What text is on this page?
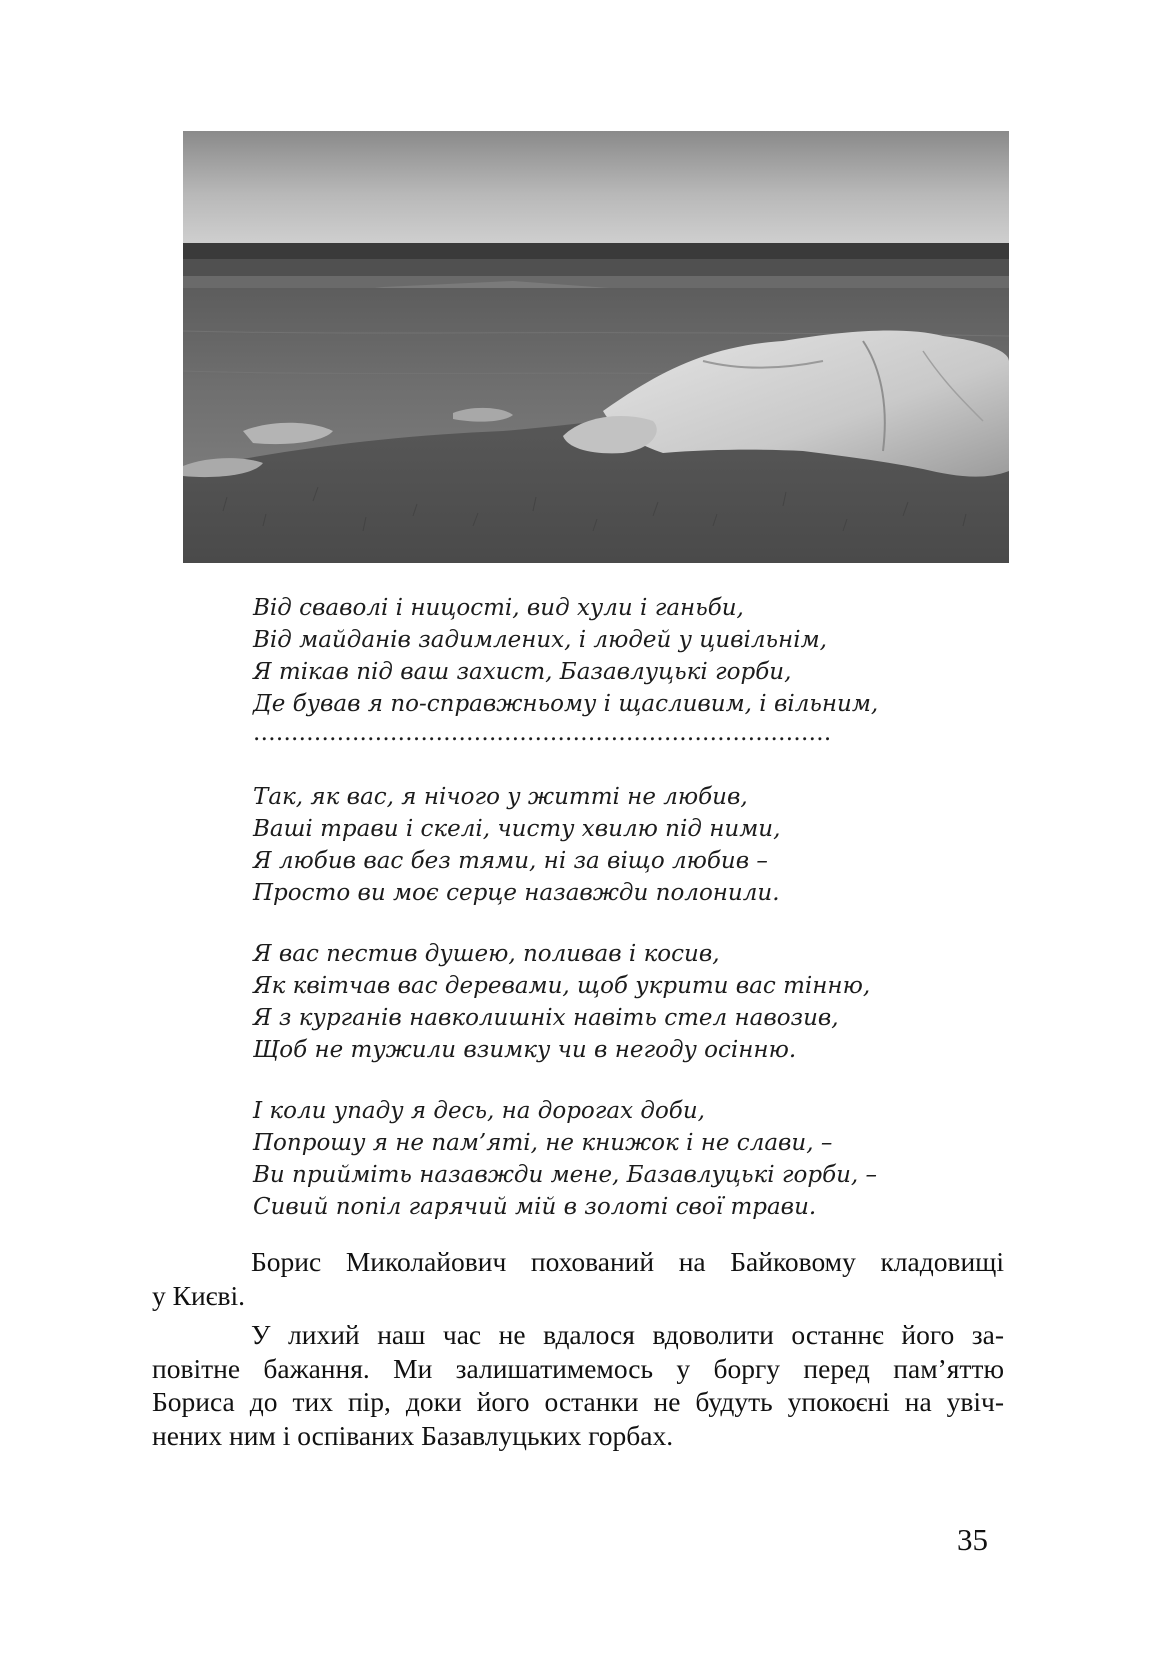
Від сваволі і ницості, вид хули і ганьби,
Від майданів задимлених, і людей у цивільнім,
Я тікав під ваш захист, Базавлуцькі горби,
Де бував я по-справжньому і щасливим, і вільним,
............................................................................
Так, як вас, я нічого у житті не любив,
Ваші трави і скелі, чисту хвилю під ними,
Я любив вас без тями, ні за віщо любив –
Просто ви моє серце назавжди полонили.
Я вас пестив душею, поливав і косив,
Як квітчав вас деревами, щоб укрити вас тінню,
Я з курганів навколишніх навіть стел навозив,
Щоб не тужили взимку чи в негоду осінню.
І коли упаду я десь, на дорогах доби,
Попрошу я не пам’яті, не книжок і не слави, –
Ви прийміть назавжди мене, Базавлуцькі горби, –
Сивий попіл гарячий мій в золоті свої трави.
Борис Миколайович похований на Байковому кладовищі
у Києві.
У лихий наш час не вдалося вдоволити останнє його за-
повітне бажання. Ми залишатимемось у боргу перед пам’яттю
Бориса до тих пір, доки його останки не будуть упокоєні на увіч-
нених ним і оспіваних Базавлуцьких горбах.
35
